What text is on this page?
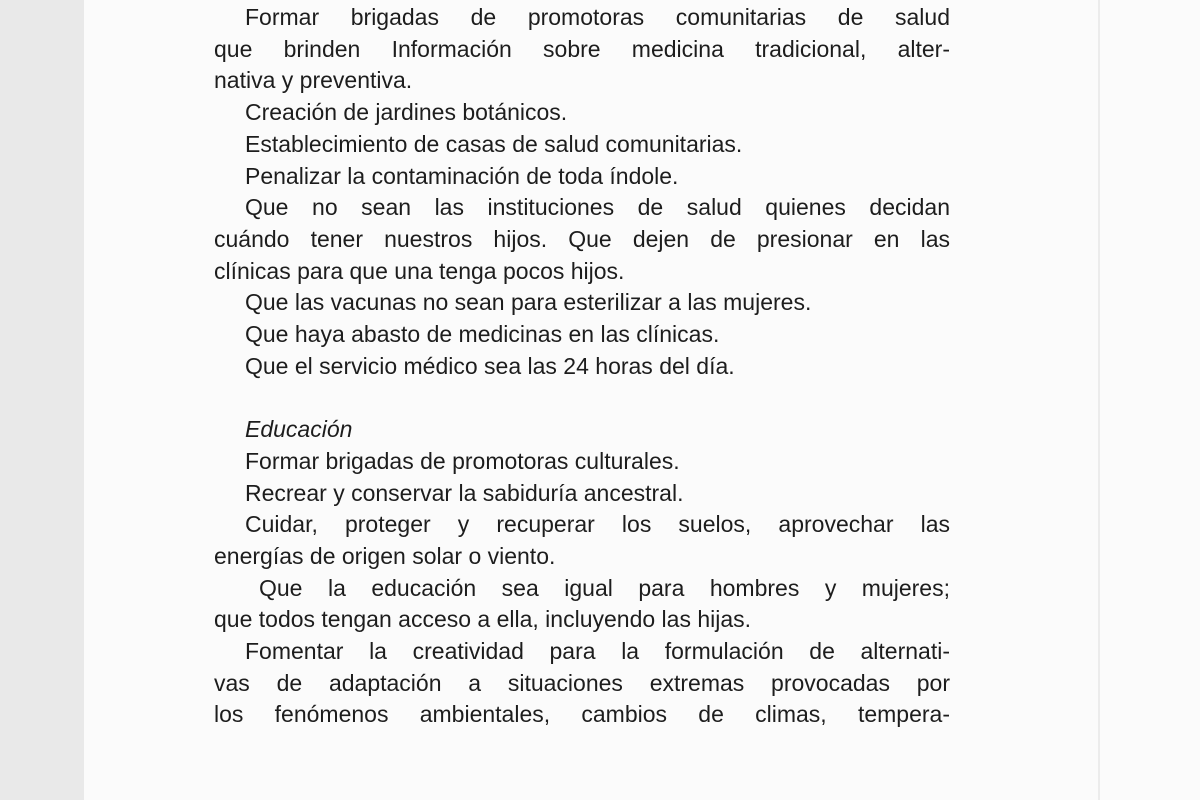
Formar brigadas de promotoras comunitarias de salud

que brinden Información sobre medicina tradicional, alter-

nativa y preventiva.

Creación de jardines botánicos.

Establecimiento de casas de salud comunitarias.

Penalizar la contaminación de toda índole.

Que no sean las instituciones de salud quienes decidan

cuándo tener nuestros hijos. Que dejen de presionar en las

clínicas para que una tenga pocos hijos.

Que las vacunas no sean para esterilizar a las mujeres.

Que haya abasto de medicinas en las clínicas.

Que el servicio médico sea las 24 horas del día.

Educación

Formar brigadas de promotoras culturales.

Recrear y conservar la sabiduría ancestral.

Cuidar, proteger y recuperar los suelos, aprovechar las

energías de origen solar o viento.

Que la educación sea igual para hombres y mujeres;

que todos tengan acceso a ella, incluyendo las hijas.

Fomentar la creatividad para la formulación de alternati-

vas de adaptación a situaciones extremas provocadas por

los fenómenos ambientales, cambios de climas, tempera-
